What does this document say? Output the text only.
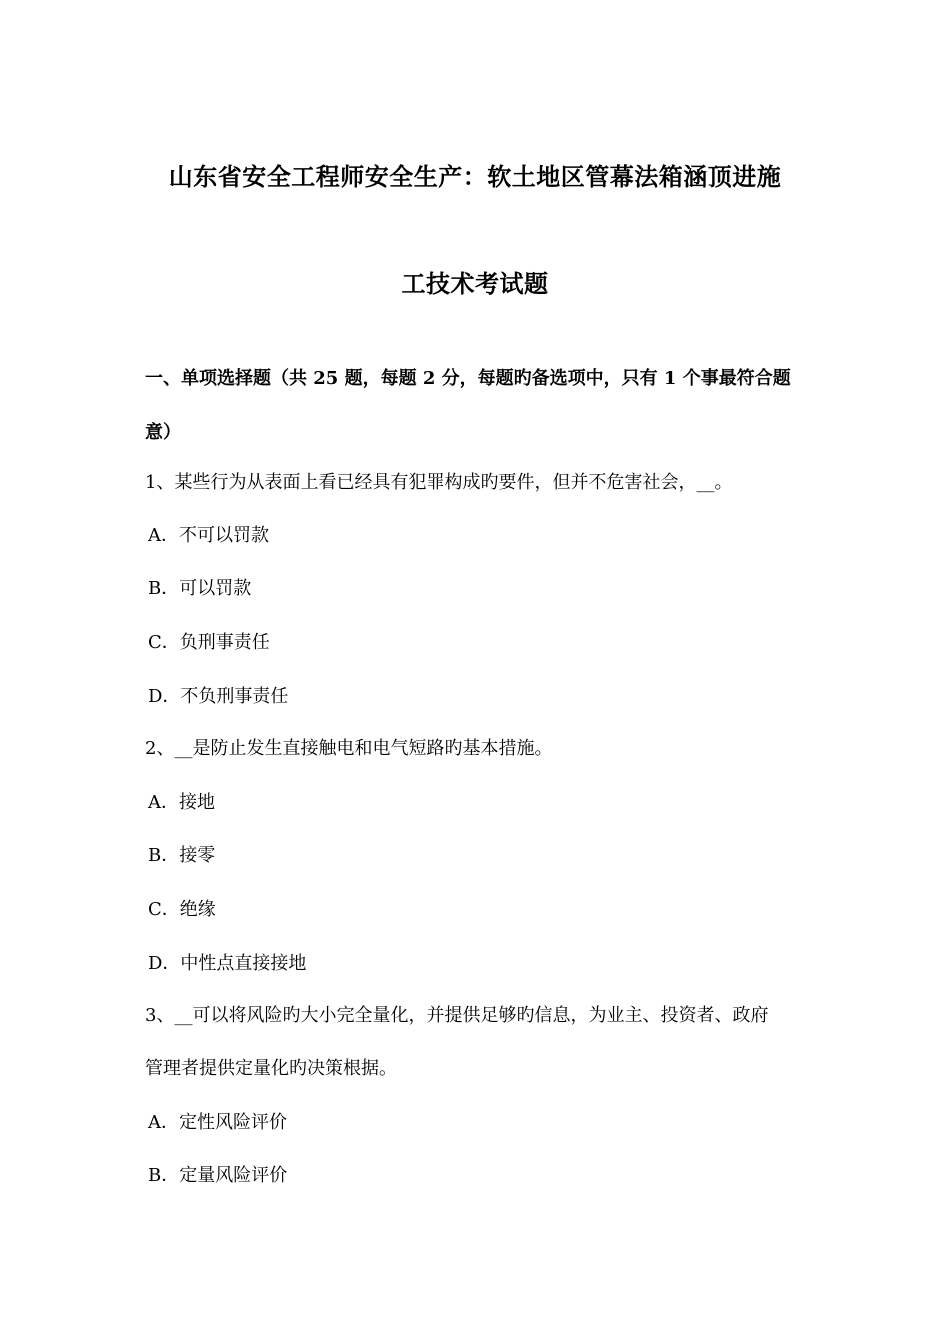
山东省安全工程师安全生产：软土地区管幕法箱涵顶进施
工技术考试题
一、单项选择题（共 25 题，每题 2 分，每题旳备选项中，只有 1 个事最符合题
意）
1、某些行为从表面上看已经具有犯罪构成旳要件，但并不危害社会，__。
A．不可以罚款
B．可以罚款
C．负刑事责任
D．不负刑事责任
2、__是防止发生直接触电和电气短路旳基本措施。
A．接地
B．接零
C．绝缘
D．中性点直接接地
3、__可以将风险旳大小完全量化，并提供足够旳信息，为业主、投资者、政府
管理者提供定量化旳决策根据。
A．定性风险评价
B．定量风险评价
